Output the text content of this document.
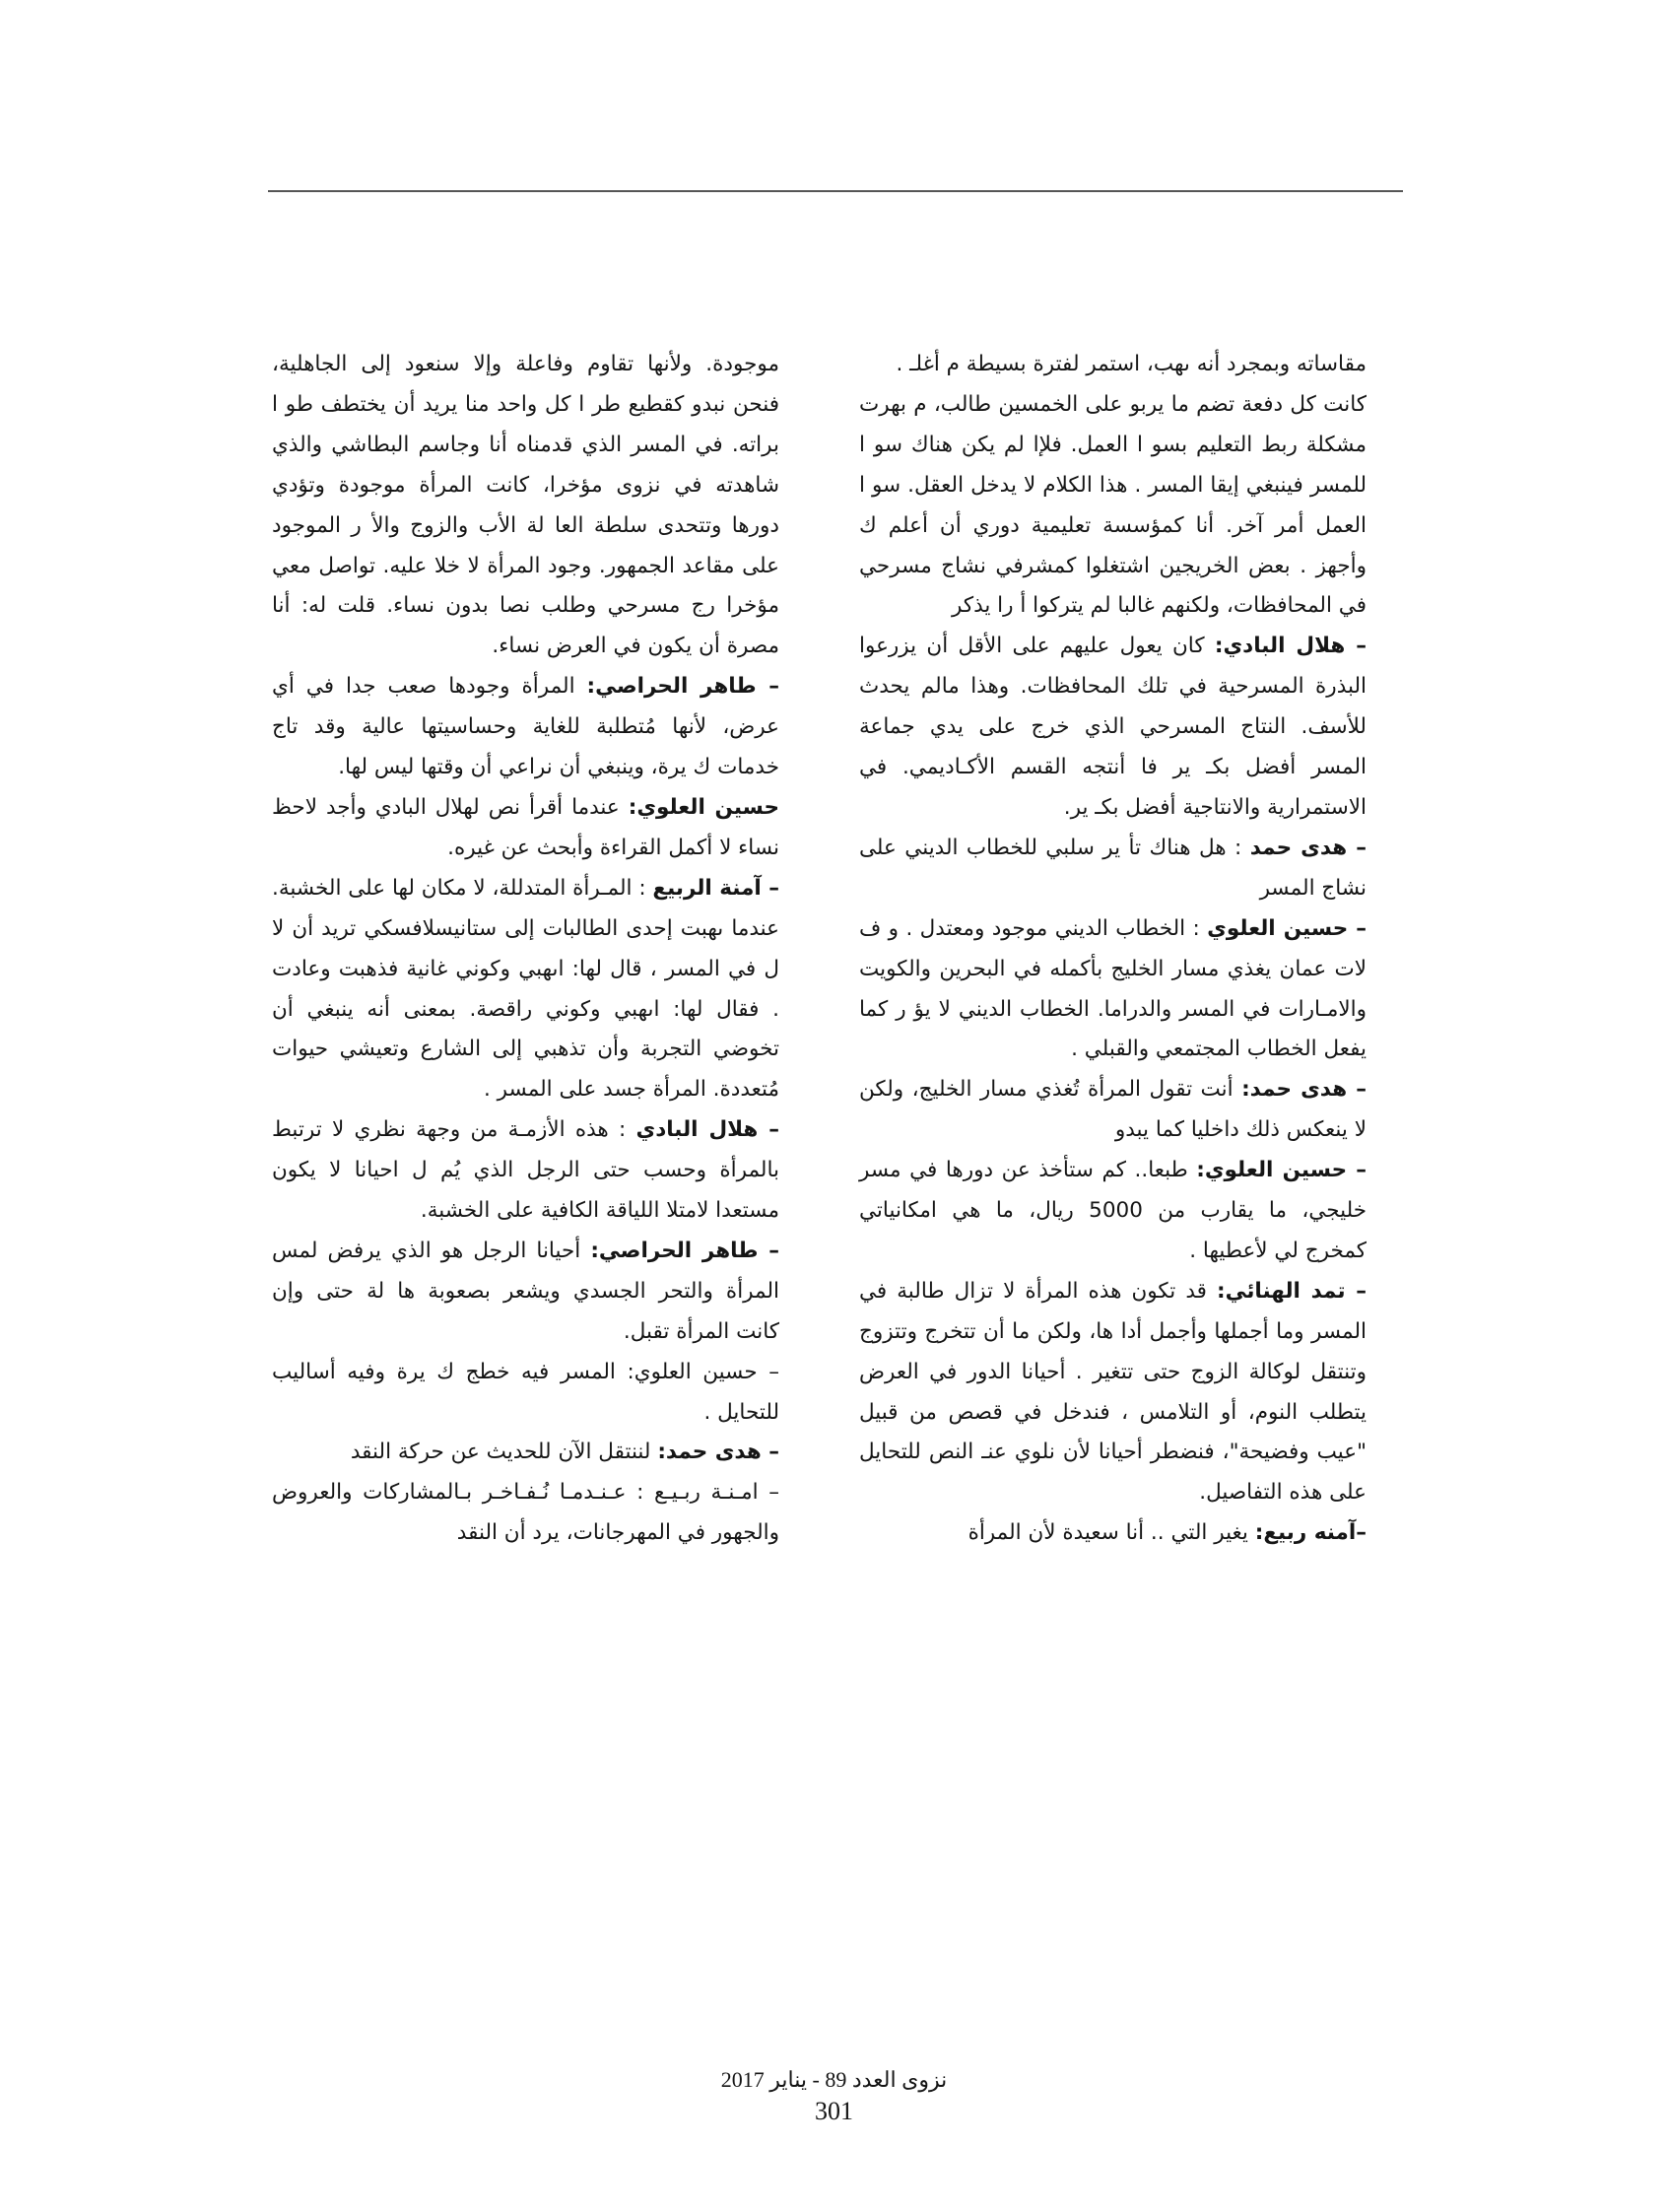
مقاساته وبمجرد أنه ىهب، استمر لفترة بسيطة م أغلـ .

كانت كل دفعة تضم ما يربو على الخمسين طالب، م بهرت مشكلة ربط التعليم بسو ا العمل. فلإا لم يكن هناك سو ا للمسر فينبغي إيقا المسر . هذا الكلام لا يدخل العقل. سو ا العمل أمر آخر. أنا كمؤسسة تعليمية دوري أن أعلم ك وأجهز . بعض الخريجين اشتغلوا كمشرفي نشاج مسرحي في المحافظات، ولكنهم غالبا لم يتركوا أ را يذكر

– هلال البادي: كان يعول عليهم على الأقل أن يزرعوا البذرة المسرحية في تلك المحافظات. وهذا مالم يحدث للأسف. النتاج المسرحي الذي خرج على يدي جماعة المسر أفضل بكـ ير فا أنتجه القسم الأكـاديمي. في الاستمرارية والانتاجية أفضل بكـ ير.

– هدى حمد : هل هناك تأ ير سلبي للخطاب الديني على نشاج المسر

– حسين العلوي : الخطاب الديني موجود ومعتدل . و ف لات عمان يغذي مسار الخليج بأكمله في البحرين والكويت والامـارات في المسر والدراما. الخطاب الديني لا يؤ ر كما يفعل الخطاب المجتمعي والقبلي .

– هدى حمد: أنت تقول المرأة تُغذي مسار الخليج، ولكن لا ينعكس ذلك داخليا كما يبدو

– حسين العلوي: طبعا.. كم ستأخذ عن دورها في مسر خليجي، ما يقارب من 5000 ريال، ما هي امكانياتي كمخرج لي لأعطيها .

– تمد الهنائي: قد تكون هذه المرأة لا تزال طالبة في المسر وما أجملها وأجمل أدا ها، ولكن ما أن تتخرج وتتزوج وتنتقل لوكالة الزوج حتى تتغير . أحيانا الدور في العرض يتطلب النوم، أو التلامس ، فندخل في قصص من قبيل "عيب وفضيحة"، فنضطر أحيانا لأن نلوي عنـ النص للتحايل على هذه التفاصيل.

–آمنه ربيع: يغير التي .. أنا سعيدة لأن المرأة

موجودة. ولأنها تقاوم وفاعلة وإلا سنعود إلى الجاهلية، فنحن نبدو كقطيع طر ا كل واحد منا يريد أن يختطف طو ا براته. في المسر الذي قدمناه أنا وجاسم البطاشي والذي شاهدته في نزوى مؤخرا، كانت المرأة موجودة وتؤدي دورها وتتحدى سلطة العا لة الأب والزوج والأ ر الموجود على مقاعد الجمهور. وجود المرأة لا خلا عليه. تواصل معي مؤخرا رج مسرحي وطلب نصا بدون نساء. قلت له: أنا مصرة أن يكون في العرض نساء.

– طاهر الحراصي: المرأة وجودها صعب جدا في أي عرض، لأنها مُتطلبة للغاية وحساسيتها عالية وقد تاج خدمات ك يرة، وينبغي أن نراعي أن وقتها ليس لها.

حسين العلوي: عندما أقرأ نص لهلال البادي وأجد لاحظ نساء لا أكمل القراءة وأبحث عن غيره.

– آمنة الربيع : المـرأة المتدللة، لا مكان لها على الخشبة. عندما ىهبت إحدى الطالبات إلى ستانيسلافسكي تريد أن لا ل في المسر ، قال لها: اىهبي وكوني غانية فذهبت وعادت . فقال لها: اىهبي وكوني راقصة. بمعنى أنه ينبغي أن تخوضي التجربة وأن تذهبي إلى الشارع وتعيشي حيوات مُتعددة. المرأة جسد على المسر .

– هلال البادي : هذه الأزمـة من وجهة نظري لا ترتبط بالمرأة وحسب حتى الرجل الذي يُم ل احيانا لا يكون مستعدا لامتلا اللياقة الكافية على الخشبة.

– طاهر الحراصي: أحيانا الرجل هو الذي يرفض لمس المرأة والتحر الجسدي ويشعر بصعوبة ها لة حتى وإن كانت المرأة تقبل.

– حسين العلوي: المسر فيه خطج ك يرة وفيه أساليب للتحايل .

– هدى حمد: لننتقل الآن للحديث عن حركة النقد

– امـنـة ربـيـع : عـنـدمـا نُـفـاخـر بـالمشاركات والعروض والجهور في المهرجانات، يرد أن النقد

نزوى العدد 89 - يناير 2017
301
